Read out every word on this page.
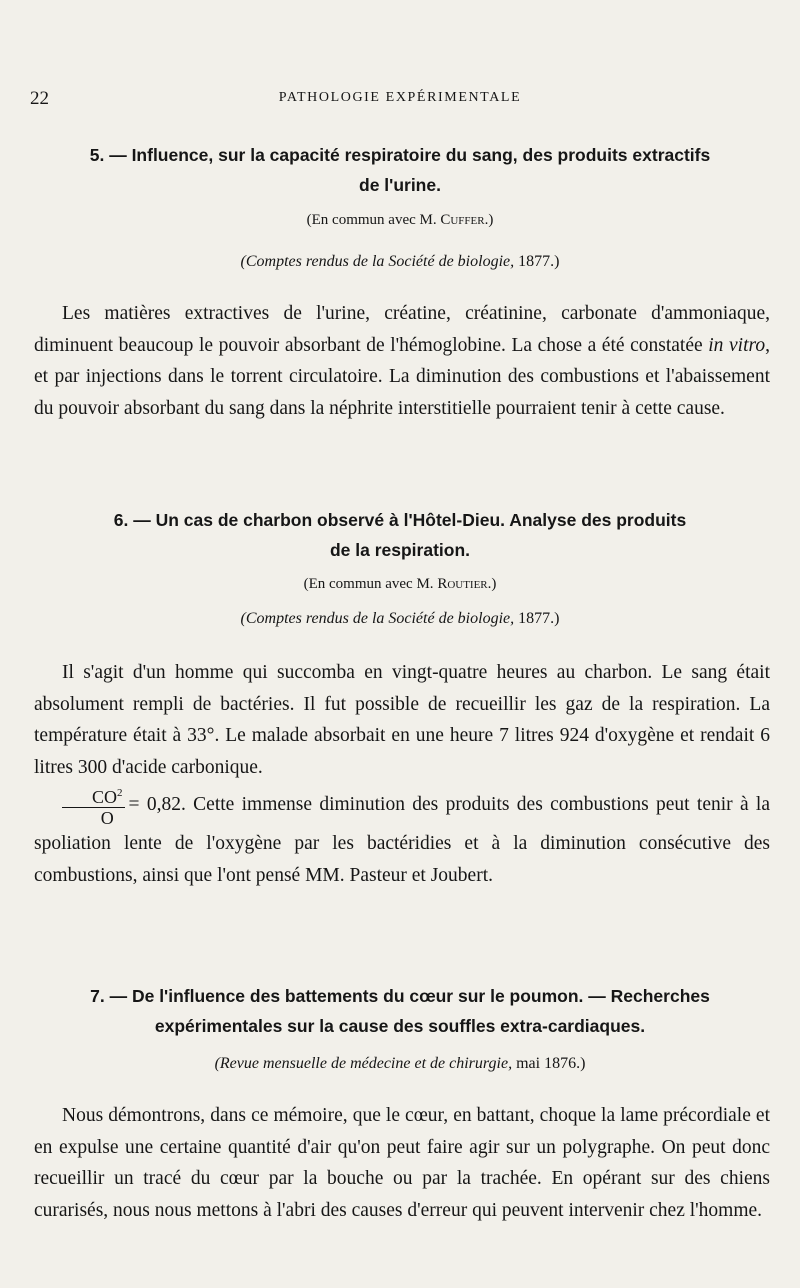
22	PATHOLOGIE EXPÉRIMENTALE
5. — Influence, sur la capacité respiratoire du sang, des produits extractifs
de l'urine.
(En commun avec M. Cuffer.)
(Comptes rendus de la Société de biologie, 1877.)

Les matières extractives de l'urine, créatine, créatinine, carbonate d'ammoniaque, diminuent beaucoup le pouvoir absorbant de l'hémoglobine. La chose a été constatée in vitro, et par injections dans le torrent circulatoire. La diminution des combustions et l'abaissement du pouvoir absorbant du sang dans la néphrite interstitielle pourraient tenir à cette cause.

6. — Un cas de charbon observé à l'Hôtel-Dieu. Analyse des produits
de la respiration.
(En commun avec M. Routier.)
(Comptes rendus de la Société de biologie, 1877.)

Il s'agit d'un homme qui succomba en vingt-quatre heures au charbon. Le sang était absolument rempli de bactéries. Il fut possible de recueillir les gaz de la respiration. La température était à 33°. Le malade absorbait en une heure 7 litres 924 d'oxygène et rendait 6 litres 300 d'acide carbonique.
$\frac{CO^2}{O} = 0,82$. Cette immense diminution des produits des combustions peut tenir à la spoliation lente de l'oxygène par les bactéridies et à la diminution consécutive des combustions, ainsi que l'ont pensé MM. Pasteur et Joubert.

7. — De l'influence des battements du cœur sur le poumon. — Recherches
expérimentales sur la cause des souffles extra-cardiaques.
(Revue mensuelle de médecine et de chirurgie, mai 1876.)

Nous démontrons, dans ce mémoire, que le cœur, en battant, choque la lame précordiale et en expulse une certaine quantité d'air qu'on peut faire agir sur un polygraphe. On peut donc recueillir un tracé du cœur par la bouche ou par la trachée. En opérant sur des chiens curarisés, nous nous mettons à l'abri des causes d'erreur qui peuvent intervenir chez l'homme.
